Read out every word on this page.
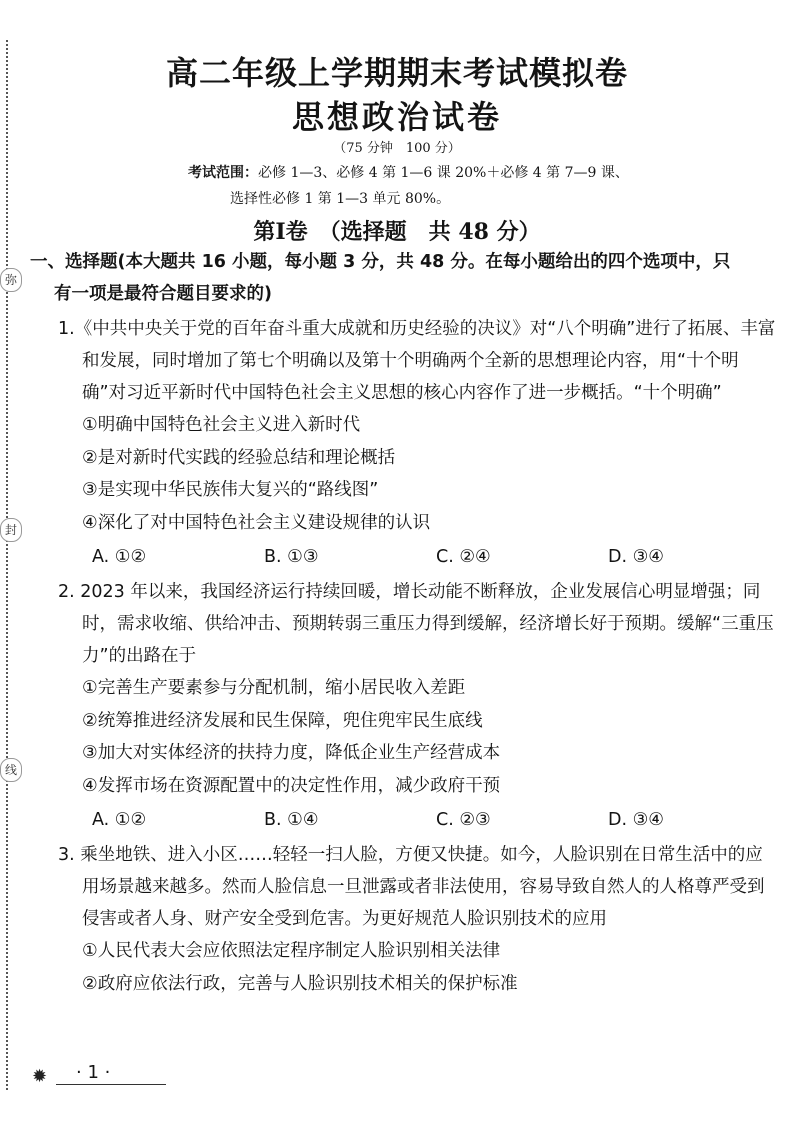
弥
封
线
高二年级上学期期末考试模拟卷
思想政治试卷
（75 分钟　100 分）
考试范围：必修 1—3、必修 4 第 1—6 课 20%＋必修 4 第 7—9 课、
选择性必修 1 第 1—3 单元 80%。
第Ⅰ卷　（选择题　共 48 分）
一、选择题(本大题共 16 小题，每小题 3 分，共 48 分。在每小题给出的四个选项中，只
有一项是最符合题目要求的)
1.《中共中央关于党的百年奋斗重大成就和历史经验的决议》对“八个明确”进行了拓展、丰富和发展，同时增加了第七个明确以及第十个明确两个全新的思想理论内容，用“十个明确”对习近平新时代中国特色社会主义思想的核心内容作了进一步概括。“十个明确”
①明确中国特色社会主义进入新时代
②是对新时代实践的经验总结和理论概括
③是实现中华民族伟大复兴的“路线图”
④深化了对中国特色社会主义建设规律的认识
A. ①②	B. ①③	C. ②④	D. ③④
2. 2023 年以来，我国经济运行持续回暖，增长动能不断释放，企业发展信心明显增强；同时，需求收缩、供给冲击、预期转弱三重压力得到缓解，经济增长好于预期。缓解“三重压力”的出路在于
①完善生产要素参与分配机制，缩小居民收入差距
②统筹推进经济发展和民生保障，兜住兜牢民生底线
③加大对实体经济的扶持力度，降低企业生产经营成本
④发挥市场在资源配置中的决定性作用，减少政府干预
A. ①②	B. ①④	C. ②③	D. ③④
3. 乘坐地铁、进入小区……轻轻一扫人脸，方便又快捷。如今，人脸识别在日常生活中的应用场景越来越多。然而人脸信息一旦泄露或者非法使用，容易导致自然人的人格尊严受到侵害或者人身、财产安全受到危害。为更好规范人脸识别技术的应用
①人民代表大会应依照法定程序制定人脸识别相关法律
②政府应依法行政，完善与人脸识别技术相关的保护标准
✹ · 1 ·
